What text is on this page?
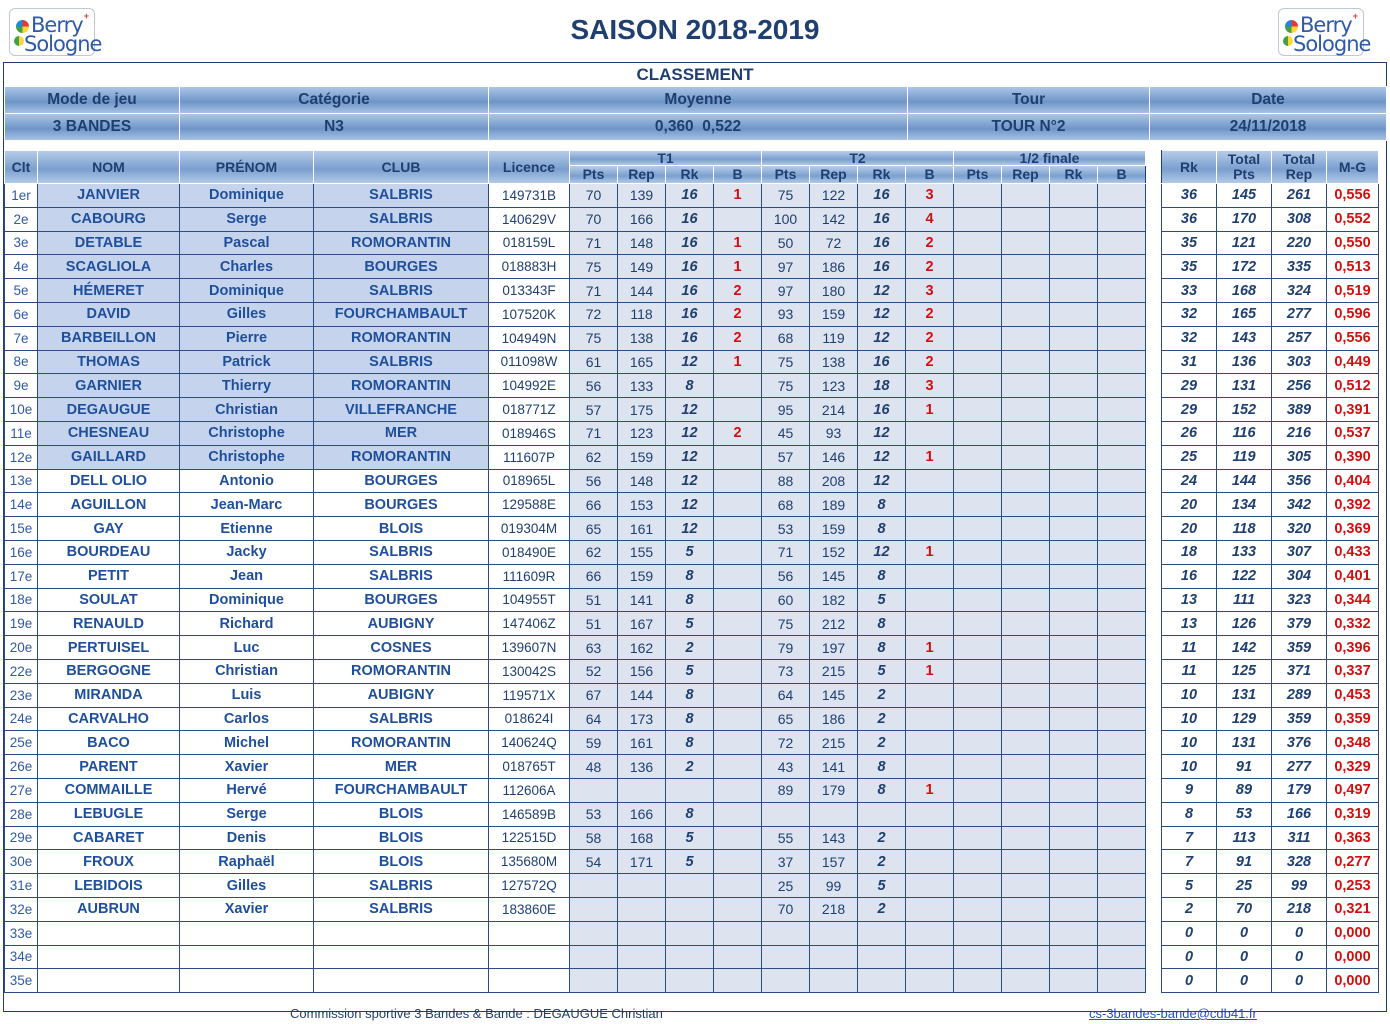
Berry
Sologne
+	SAISON 2018-2019	Berry
Sologne
+
CLASSEMENT
Mode de jeu	Catégorie	Moyenne	Tour	Date
3 BANDES	N3	0,360  0,522	TOUR N°2	24/11/2018
Clt	NOM	PRÉNOM	CLUB	Licence	T1				T2				1/2 finale					Rk	Total Pts	Total Rep	M-G
					Pts	Rep	Rk	B	Pts	Rep	Rk	B	Pts	Rep	Rk	B					
1er	JANVIER	Dominique	SALBRIS	149731B	70	139	16	1	75	122	16	3						36	145	261	0,556
2e	CABOURG	Serge	SALBRIS	140629V	70	166	16		100	142	16	4						36	170	308	0,552
3e	DETABLE	Pascal	ROMORANTIN	018159L	71	148	16	1	50	72	16	2						35	121	220	0,550
4e	SCAGLIOLA	Charles	BOURGES	018883H	75	149	16	1	97	186	16	2						35	172	335	0,513
5e	HÉMERET	Dominique	SALBRIS	013343F	71	144	16	2	97	180	12	3						33	168	324	0,519
6e	DAVID	Gilles	FOURCHAMBAULT	107520K	72	118	16	2	93	159	12	2						32	165	277	0,596
7e	BARBEILLON	Pierre	ROMORANTIN	104949N	75	138	16	2	68	119	12	2						32	143	257	0,556
8e	THOMAS	Patrick	SALBRIS	011098W	61	165	12	1	75	138	16	2						31	136	303	0,449
9e	GARNIER	Thierry	ROMORANTIN	104992E	56	133	8		75	123	18	3						29	131	256	0,512
10e	DEGAUGUE	Christian	VILLEFRANCHE	018771Z	57	175	12		95	214	16	1						29	152	389	0,391
11e	CHESNEAU	Christophe	MER	018946S	71	123	12	2	45	93	12							26	116	216	0,537
12e	GAILLARD	Christophe	ROMORANTIN	111607P	62	159	12		57	146	12	1						25	119	305	0,390
13e	DELL OLIO	Antonio	BOURGES	018965L	56	148	12		88	208	12							24	144	356	0,404
14e	AGUILLON	Jean-Marc	BOURGES	129588E	66	153	12		68	189	8							20	134	342	0,392
15e	GAY	Etienne	BLOIS	019304M	65	161	12		53	159	8							20	118	320	0,369
16e	BOURDEAU	Jacky	SALBRIS	018490E	62	155	5		71	152	12	1						18	133	307	0,433
17e	PETIT	Jean	SALBRIS	111609R	66	159	8		56	145	8							16	122	304	0,401
18e	SOULAT	Dominique	BOURGES	104955T	51	141	8		60	182	5							13	111	323	0,344
19e	RENAULD	Richard	AUBIGNY	147406Z	51	167	5		75	212	8							13	126	379	0,332
20e	PERTUISEL	Luc	COSNES	139607N	63	162	2		79	197	8	1						11	142	359	0,396
22e	BERGOGNE	Christian	ROMORANTIN	130042S	52	156	5		73	215	5	1						11	125	371	0,337
23e	MIRANDA	Luis	AUBIGNY	119571X	67	144	8		64	145	2							10	131	289	0,453
24e	CARVALHO	Carlos	SALBRIS	018624I	64	173	8		65	186	2							10	129	359	0,359
25e	BACO	Michel	ROMORANTIN	140624Q	59	161	8		72	215	2							10	131	376	0,348
26e	PARENT	Xavier	MER	018765T	48	136	2		43	141	8							10	91	277	0,329
27e	COMMAILLE	Hervé	FOURCHAMBAULT	112606A					89	179	8	1						9	89	179	0,497
28e	LEBUGLE	Serge	BLOIS	146589B	53	166	8											8	53	166	0,319
29e	CABARET	Denis	BLOIS	122515D	58	168	5		55	143	2							7	113	311	0,363
30e	FROUX	Raphaël	BLOIS	135680M	54	171	5		37	157	2							7	91	328	0,277
31e	LEBIDOIS	Gilles	SALBRIS	127572Q					25	99	5							5	25	99	0,253
32e	AUBRUN	Xavier	SALBRIS	183860E					70	218	2							2	70	218	0,321
33e																		0	0	0	0,000
34e																		0	0	0	0,000
35e																		0	0	0	0,000
Commission sportive 3 Bandes & Bande : DEGAUGUE Christian	cs-3bandes-bande@cdb41.fr
